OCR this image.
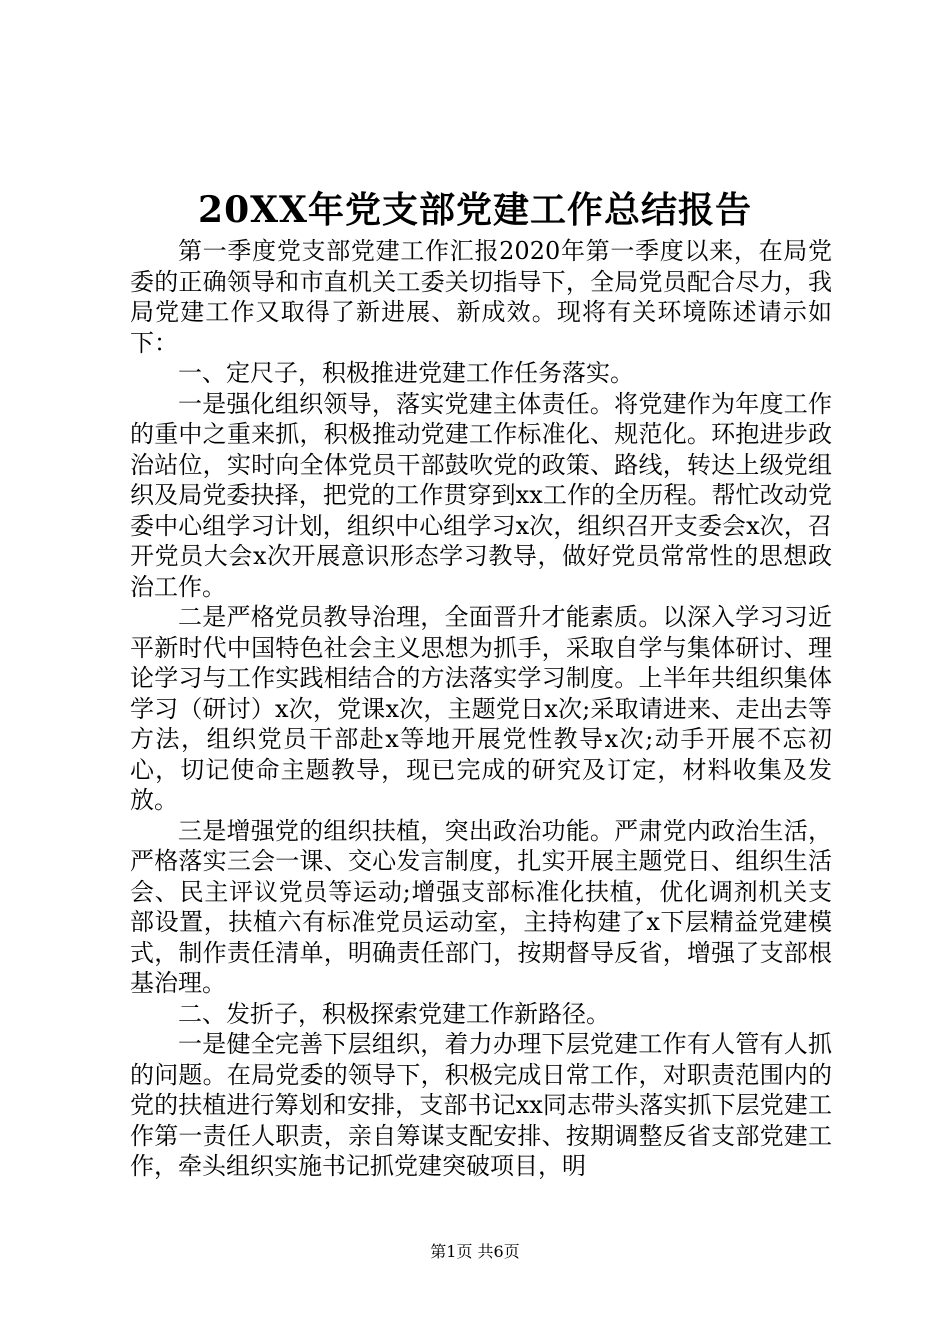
20XX年党支部党建工作总结报告

第一季度党支部党建工作汇报2020年第一季度以来，在局党委的正确领导和市直机关工委关切指导下，全局党员配合尽力，我局党建工作又取得了新进展、新成效。现将有关环境陈述请示如下：

一、定尺子，积极推进党建工作任务落实。

一是强化组织领导，落实党建主体责任。将党建作为年度工作的重中之重来抓，积极推动党建工作标准化、规范化。环抱进步政治站位，实时向全体党员干部鼓吹党的政策、路线，转达上级党组织及局党委抉择，把党的工作贯穿到xx工作的全历程。帮忙改动党委中心组学习计划，组织中心组学习x次，组织召开支委会x次，召开党员大会x次开展意识形态学习教导，做好党员常常性的思想政治工作。

二是严格党员教导治理，全面晋升才能素质。以深入学习习近平新时代中国特色社会主义思想为抓手，采取自学与集体研讨、理论学习与工作实践相结合的方法落实学习制度。上半年共组织集体学习（研讨）x次，党课x次，主题党日x次;采取请进来、走出去等方法，组织党员干部赴x等地开展党性教导x次;动手开展不忘初心，切记使命主题教导，现已完成的研究及订定，材料收集及发放。

三是增强党的组织扶植，突出政治功能。严肃党内政治生活，严格落实三会一课、交心发言制度，扎实开展主题党日、组织生活会、民主评议党员等运动;增强支部标准化扶植，优化调剂机关支部设置，扶植六有标准党员运动室，主持构建了x下层精益党建模式，制作责任清单，明确责任部门，按期督导反省，增强了支部根基治理。

二、发折子，积极探索党建工作新路径。

一是健全完善下层组织，着力办理下层党建工作有人管有人抓的问题。在局党委的领导下，积极完成日常工作，对职责范围内的党的扶植进行筹划和安排，支部书记xx同志带头落实抓下层党建工作第一责任人职责，亲自筹谋支配安排、按期调整反省支部党建工作，牵头组织实施书记抓党建突破项目，明

第1页 共6页
